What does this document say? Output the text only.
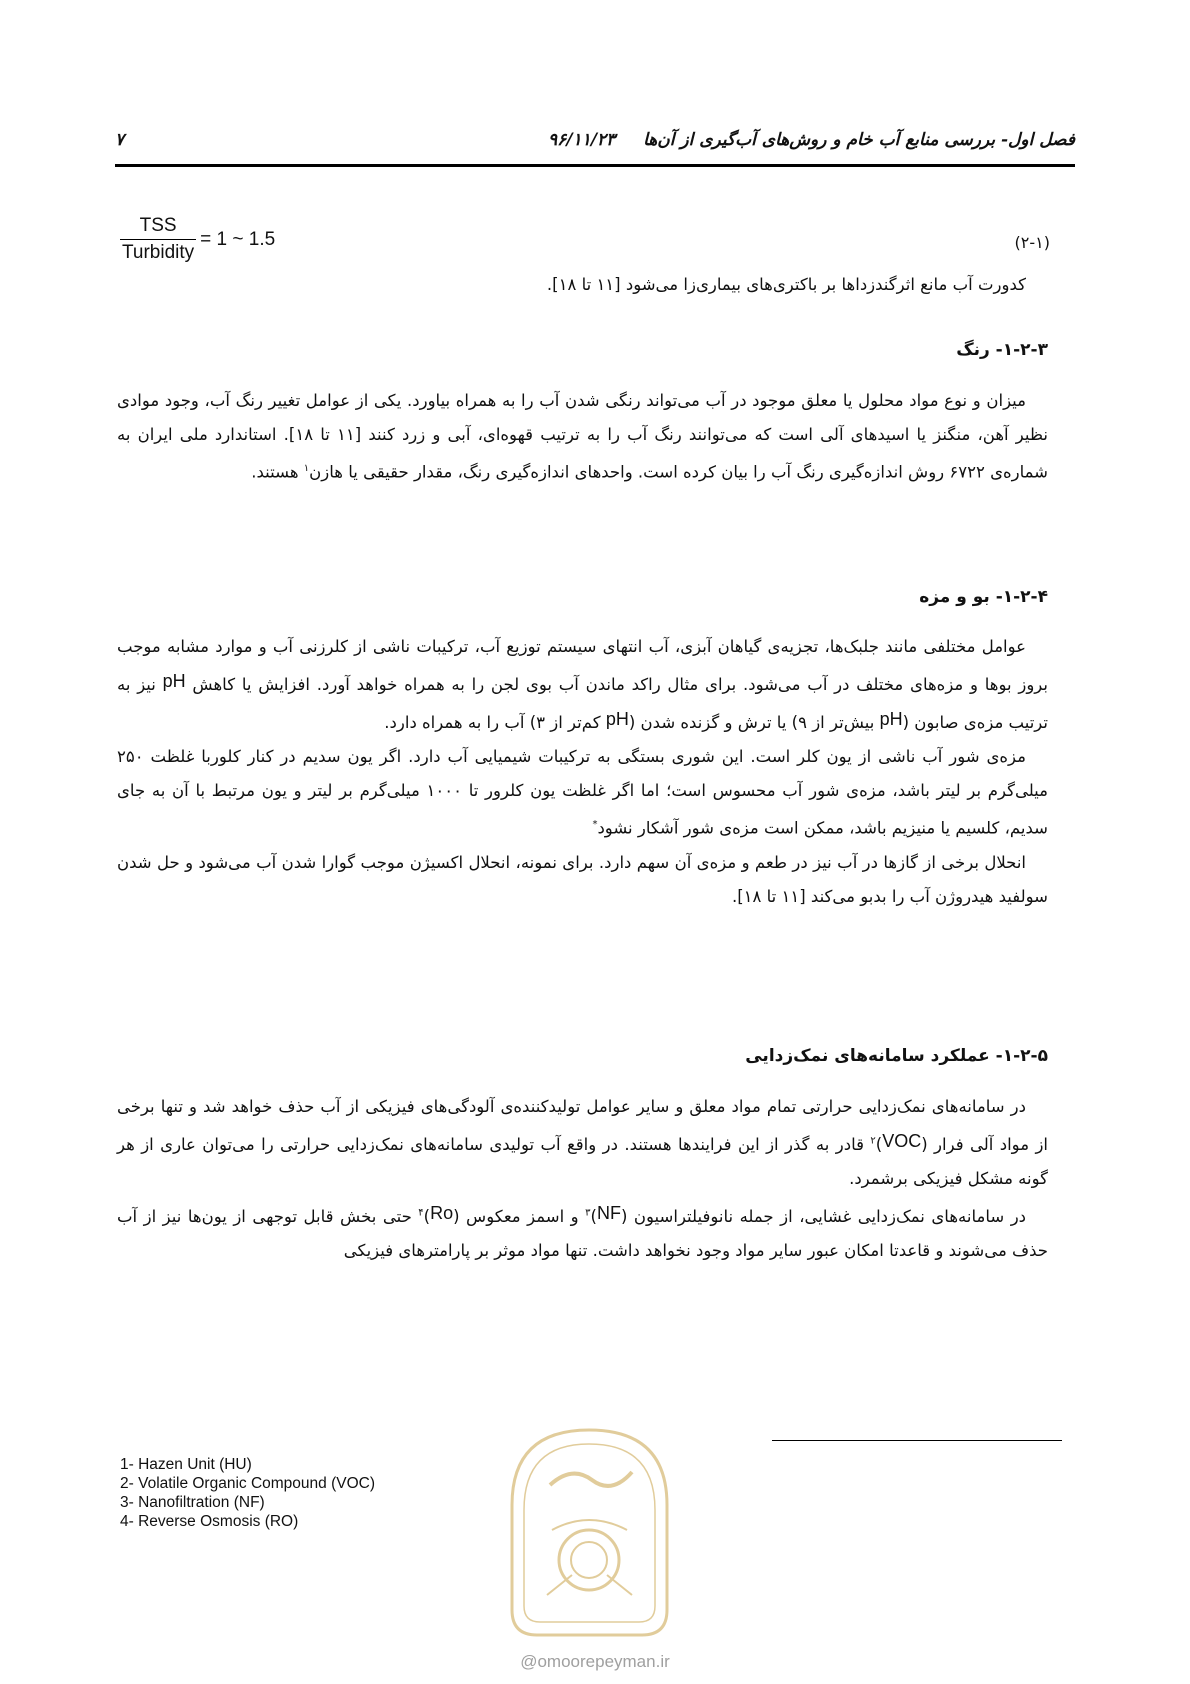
فصل اول- بررسی منابع آب خام و روش‌های آب‌گیری از آن‌ها ۹۶/۱۱/۲۳
۷
$\frac{\text{TSS}}{\text{Turbidity}} = 1$ ~ 1.5	(۲-۱)

کدورت آب مانع اثرگندزداها بر باکتری‌های بیماری‌زا می‌شود [۱۱ تا ۱۸].

۱-۲-۳- رنگ

میزان و نوع مواد محلول یا معلق موجود در آب می‌تواند رنگی شدن آب را به همراه بیاورد. یکی از عوامل تغییر رنگ آب، وجود موادی نظیر آهن، منگنز یا اسیدهای آلی است که می‌توانند رنگ آب را به ترتیب قهوه‌ای، آبی و زرد کنند [۱۱ تا ۱۸]. استاندارد ملی ایران به شماره‌ی ۶۷۲۲ روش اندازه‌گیری رنگ آب را بیان کرده است. واحدهای اندازه‌گیری رنگ، مقدار حقیقی یا هازن$^۱$ هستند.

۱-۲-۴- بو و مزه

عوامل مختلفی مانند جلبک‌ها، تجزیه‌ی گیاهان آبزی، آب انتهای سیستم توزیع آب، ترکیبات ناشی از کلرزنی آب و موارد مشابه موجب بروز بوها و مزه‌های مختلف در آب می‌شود. برای مثال راکد ماندن آب بوی لجن را به همراه خواهد آورد. افزایش یا کاهش pH نیز به ترتیب مزه‌ی صابون (pH بیش‌تر از ۹) یا ترش و گزنده شدن (pH کم‌تر از ۳) آب را به همراه دارد.

مزه‌ی شور آب ناشی از یون کلر است. این شوری بستگی به ترکیبات شیمیایی آب دارد. اگر یون سدیم در کنار کلوربا غلظت ۲۵۰ میلی‌گرم بر لیتر باشد، مزه‌ی شور آب محسوس است؛ اما اگر غلظت یون کلرور تا ۱۰۰۰ میلی‌گرم بر لیتر و یون مرتبط با آن به جای سدیم، کلسیم یا منیزیم باشد، ممکن است مزه‌ی شور آشکار نشود*

انحلال برخی از گازها در آب نیز در طعم و مزه‌ی آن سهم دارد. برای نمونه، انحلال اکسیژن موجب گوارا شدن آب می‌شود و حل شدن سولفید هیدروژن آب را بدبو می‌کند [۱۱ تا ۱۸].

۱-۲-۵- عملکرد سامانه‌های نمک‌زدایی

در سامانه‌های نمک‌زدایی حرارتی تمام مواد معلق و سایر عوامل تولیدکننده‌ی آلودگی‌های فیزیکی از آب حذف خواهد شد و تنها برخی از مواد آلی فرار (VOC)$^۲$ قادر به گذر از این فرایندها هستند. در واقع آب تولیدی سامانه‌های نمک‌زدایی حرارتی را می‌توان عاری از هر گونه مشکل فیزیکی برشمرد.

در سامانه‌های نمک‌زدایی غشایی، از جمله نانوفیلتراسیون (NF)$^۳$ و اسمز معکوس $(Ro)^۴$ حتی بخش قابل توجهی از یون‌ها نیز از آب حذف می‌شوند و قاعدتا امکان عبور سایر مواد وجود نخواهد داشت. تنها مواد موثر بر پارامترهای فیزیکی

@omoorepeyman.ir
1- Hazen Unit (HU)
2- Volatile Organic Compound (VOC)
3- Nanofiltration (NF)
4- Reverse Osmosis (RO)
